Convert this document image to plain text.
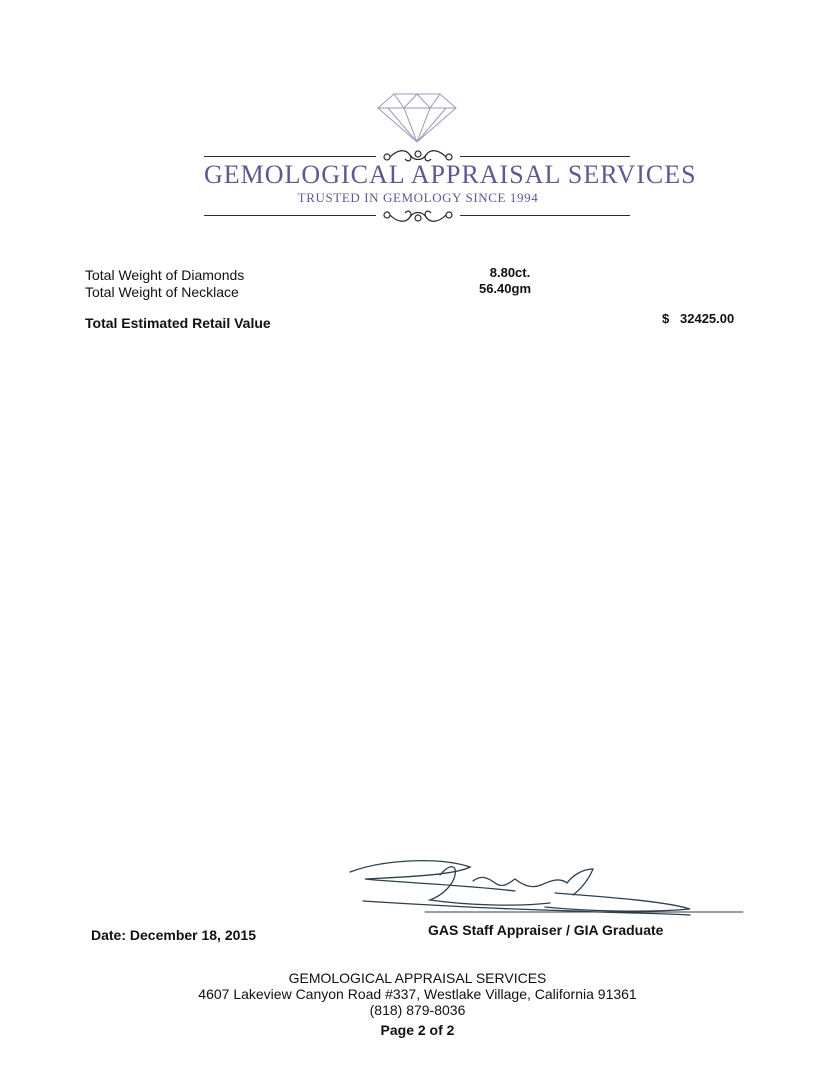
GEMOLOGICAL APPRAISAL SERVICES
TRUSTED IN GEMOLOGY SINCE 1994
Total Weight of Diamonds	8.80ct.
Total Weight of Necklace	56.40gm
Total Estimated Retail Value	$ 32425.00
Date: December 18, 2015	GAS Staff Appraiser / GIA Graduate
GEMOLOGICAL APPRAISAL SERVICES
4607 Lakeview Canyon Road #337, Westlake Village, California 91361
(818) 879-8036
Page 2 of 2
